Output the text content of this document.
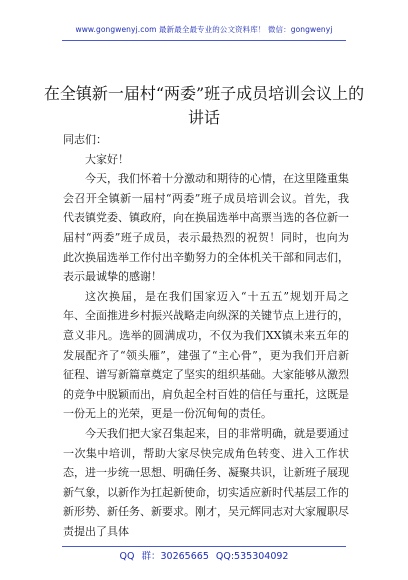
www.gongwenyj.com 最新最全最专业的公文资料库！ 微信：gongwenyj
在全镇新一届村“两委”班子成员培训会议上的讲话

同志们：

大家好！

今天，我们怀着十分激动和期待的心情，在这里隆重集会召开全镇新一届村“两委”班子成员培训会议。首先，我代表镇党委、镇政府，向在换届选举中高票当选的各位新一届村“两委”班子成员，表示最热烈的祝贺！同时，也向为此次换届选举工作付出辛勤努力的全体机关干部和同志们，表示最诚挚的感谢！

这次换届，是在我们国家迈入“十五五”规划开局之年、全面推进乡村振兴战略走向纵深的关键节点上进行的，意义非凡。选举的圆满成功，不仅为我们XX镇未来五年的发展配齐了“领头雁”，建强了“主心骨”，更为我们开启新征程、谱写新篇章奠定了坚实的组织基础。大家能够从激烈的竞争中脱颖而出，肩负起全村百姓的信任与重托，这既是一份无上的光荣，更是一份沉甸甸的责任。

今天我们把大家召集起来，目的非常明确，就是要通过一次集中培训，帮助大家尽快完成角色转变、进入工作状态，进一步统一思想、明确任务、凝聚共识，让新班子展现新气象，以新作为扛起新使命，切实适应新时代基层工作的新形势、新任务、新要求。刚才，吴元辉同志对大家履职尽责提出了具体

QQ 群：30265665 QQ:535304092
